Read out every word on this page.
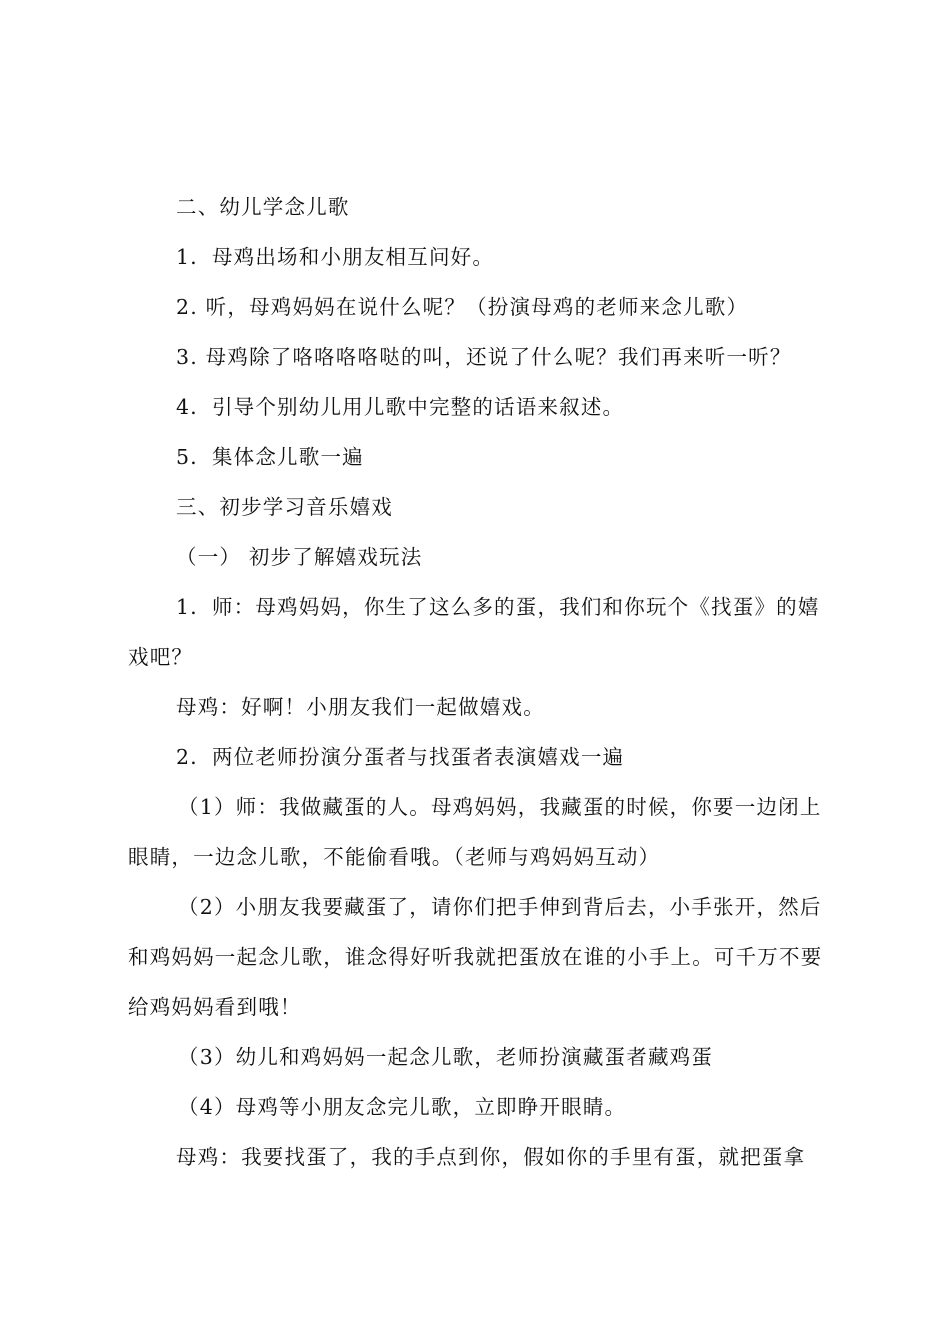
二、幼儿学念儿歌
1．母鸡出场和小朋友相互问好。
2. 听，母鸡妈妈在说什么呢？（扮演母鸡的老师来念儿歌）
3. 母鸡除了咯咯咯咯哒的叫，还说了什么呢？我们再来听一听？
4．引导个别幼儿用儿歌中完整的话语来叙述。
5．集体念儿歌一遍
三、初步学习音乐嬉戏
（一） 初步了解嬉戏玩法
1．师：母鸡妈妈，你生了这么多的蛋，我们和你玩个《找蛋》的嬉戏吧？
母鸡：好啊！小朋友我们一起做嬉戏。
2．两位老师扮演分蛋者与找蛋者表演嬉戏一遍
（1）师：我做藏蛋的人。母鸡妈妈，我藏蛋的时候，你要一边闭上眼睛，一边念儿歌，不能偷看哦。（老师与鸡妈妈互动）
（2）小朋友我要藏蛋了，请你们把手伸到背后去，小手张开，然后和鸡妈妈一起念儿歌，谁念得好听我就把蛋放在谁的小手上。可千万不要给鸡妈妈看到哦！
（3）幼儿和鸡妈妈一起念儿歌，老师扮演藏蛋者藏鸡蛋
（4）母鸡等小朋友念完儿歌，立即睁开眼睛。
母鸡：我要找蛋了，我的手点到你，假如你的手里有蛋，就把蛋拿
